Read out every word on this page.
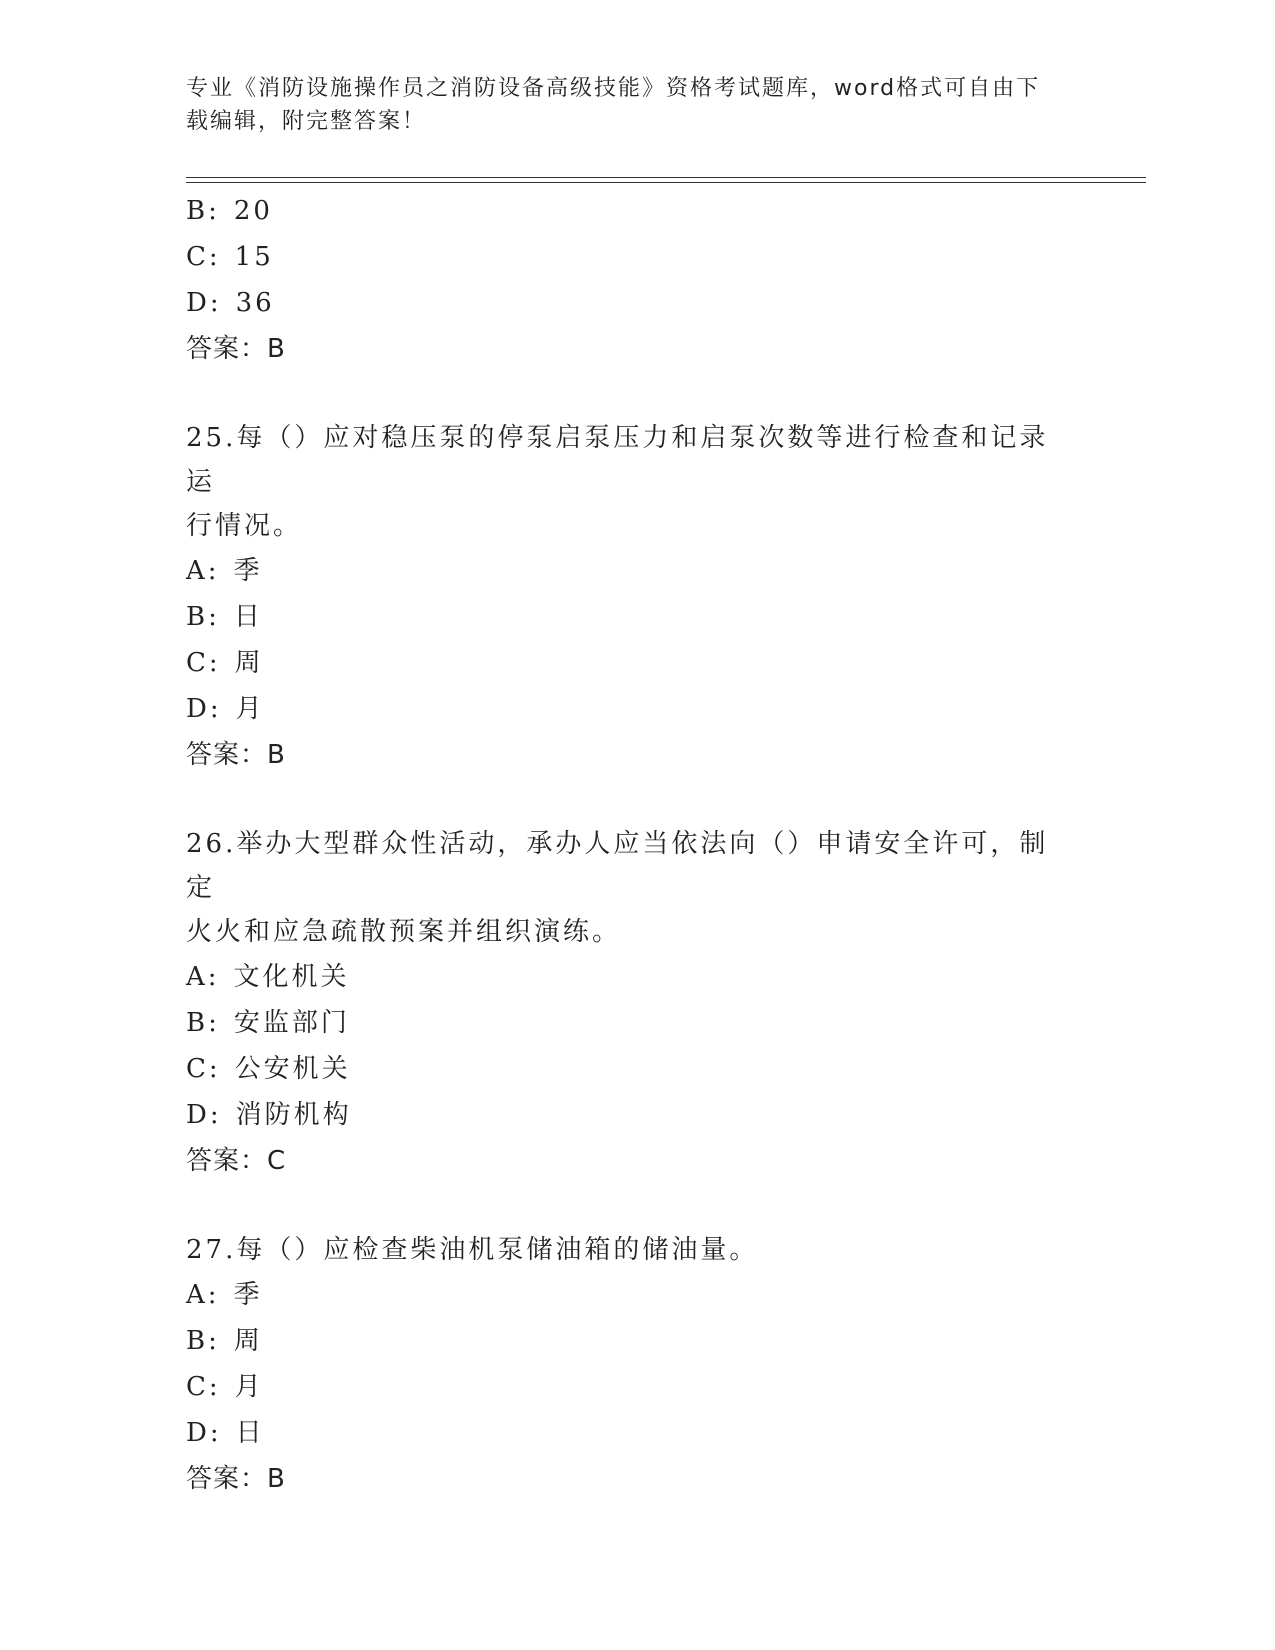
专业《消防设施操作员之消防设备高级技能》资格考试题库，word格式可自由下
载编辑，附完整答案！
B: 20
C: 15
D: 36
答案：B
25.每（）应对稳压泵的停泵启泵压力和启泵次数等进行检查和记录运
行情况。
A: 季
B: 日
C: 周
D: 月
答案：B
26.举办大型群众性活动，承办人应当依法向（）申请安全许可，制定
火火和应急疏散预案并组织演练。
A: 文化机关
B: 安监部门
C: 公安机关
D: 消防机构
答案：C
27.每（）应检查柴油机泵储油箱的储油量。
A: 季
B: 周
C: 月
D: 日
答案：B
